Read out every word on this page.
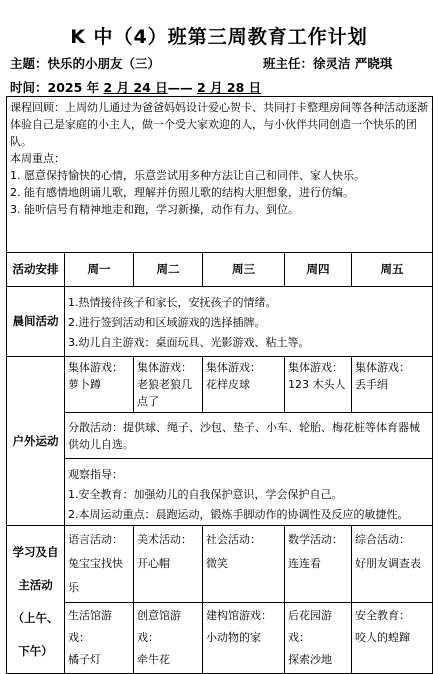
K 中（4）班第三周教育工作计划
主题：快乐的小朋友（三）	班主任：徐灵洁 严晓琪
时间：2025 年 2 月 24 日—— 2 月 28 日

课程回顾：上周幼儿通过为爸爸妈妈设计爱心贺卡、共同打卡整理房间等各种活动逐渐体验自己是家庭的小主人，做一个受大家欢迎的人，与小伙伴共同创造一个快乐的团队。

本周重点：

1. 愿意保持愉快的心情，乐意尝试用多种方法让自己和同伴、家人快乐。

2. 能有感情地朗诵儿歌，理解并仿照儿歌的结构大胆想象，进行仿编。

3. 能听信号有精神地走和跑，学习新操，动作有力、到位。					

活动安排	周一	周二	周三	周四	周五
晨间活动	1.热情接待孩子和家长，安抚孩子的情绪。
2.进行签到活动和区域游戏的选择插牌。
3.幼儿自主游戏：桌面玩具、光影游戏、粘土等。				

户外运动	集体游戏：
萝卜蹲	集体游戏：
老狼老狼几点了	集体游戏：
花样皮球	集体游戏：
123 木头人	集体游戏：
丢手绢
	分散活动：提供球、绳子、沙包、垫子、小车、轮胎、梅花桩等体育器械供幼儿自选。				

	观察指导：
1.安全教育：加强幼儿的自我保护意识，学会保护自己。
2.本周运动重点：晨跑运动，锻炼手脚动作的协调性及反应的敏捷性。				

学习及自
主活动
（上午、
下午）	语言活动：
兔宝宝找快乐	美术活动：
开心帽	社会活动：
微笑	数学活动：
连连看	综合活动：
好朋友调查表

	生活馆游戏：
橘子灯	创意馆游戏：
牵牛花	建构馆游戏：
小动物的家	后花园游戏：
探索沙地	安全教育：
咬人的蝗蹿
